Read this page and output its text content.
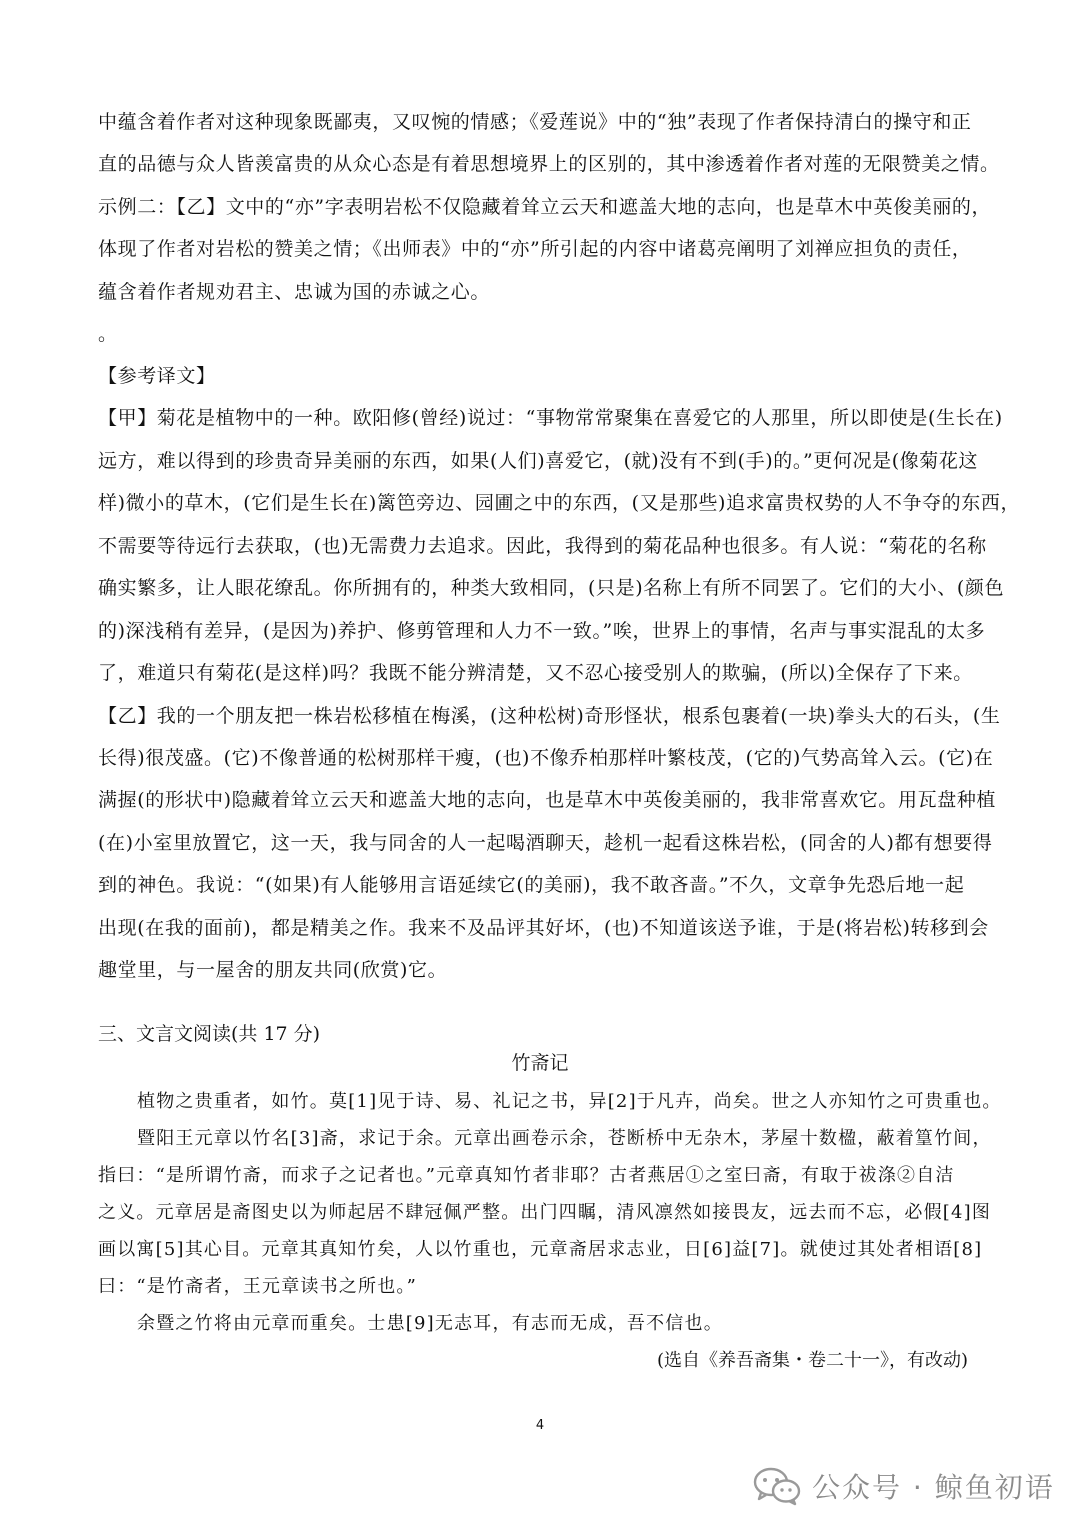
中蕴含着作者对这种现象既鄙夷，又叹惋的情感；《爱莲说》中的“独”表现了作者保持清白的操守和正
直的品德与众人皆羡富贵的从众心态是有着思想境界上的区别的，其中渗透着作者对莲的无限赞美之情。
示例二：【乙】文中的“亦”字表明岩松不仅隐藏着耸立云天和遮盖大地的志向，也是草木中英俊美丽的，
体现了作者对岩松的赞美之情；《出师表》中的“亦”所引起的内容中诸葛亮阐明了刘禅应担负的责任，
蕴含着作者规劝君主、忠诚为国的赤诚之心。
。
【参考译文】
【甲】菊花是植物中的一种。欧阳修(曾经)说过：“事物常常聚集在喜爱它的人那里，所以即使是(生长在)
远方，难以得到的珍贵奇异美丽的东西，如果(人们)喜爱它，(就)没有不到(手)的。”更何况是(像菊花这
样)微小的草木，(它们是生长在)篱笆旁边、园圃之中的东西，(又是那些)追求富贵权势的人不争夺的东西，
不需要等待远行去获取，(也)无需费力去追求。因此，我得到的菊花品种也很多。有人说：“菊花的名称
确实繁多，让人眼花缭乱。你所拥有的，种类大致相同，(只是)名称上有所不同罢了。它们的大小、(颜色
的)深浅稍有差异，(是因为)养护、修剪管理和人力不一致。”唉，世界上的事情，名声与事实混乱的太多
了，难道只有菊花(是这样)吗？我既不能分辨清楚，又不忍心接受别人的欺骗，(所以)全保存了下来。
【乙】我的一个朋友把一株岩松移植在梅溪，(这种松树)奇形怪状，根系包裹着(一块)拳头大的石头，(生
长得)很茂盛。(它)不像普通的松树那样干瘦，(也)不像乔柏那样叶繁枝茂，(它的)气势高耸入云。(它)在
满握(的形状中)隐藏着耸立云天和遮盖大地的志向，也是草木中英俊美丽的，我非常喜欢它。用瓦盘种植
(在)小室里放置它，这一天，我与同舍的人一起喝酒聊天，趁机一起看这株岩松，(同舍的人)都有想要得
到的神色。我说：“(如果)有人能够用言语延续它(的美丽)，我不敢吝啬。”不久，文章争先恐后地一起
出现(在我的面前)，都是精美之作。我来不及品评其好坏，(也)不知道该送予谁，于是(将岩松)转移到会
趣堂里，与一屋舍的朋友共同(欣赏)它。
三、文言文阅读(共 17 分)
竹斋记
植物之贵重者，如竹。莫[1]见于诗、易、礼记之书，异[2]于凡卉，尚矣。世之人亦知竹之可贵重也。
暨阳王元章以竹名[3]斋，求记于余。元章出画卷示余，苍断桥中无杂木，茅屋十数楹，蔽着篁竹间，
指曰：“是所谓竹斋，而求子之记者也。”元章真知竹者非耶？古者燕居①之室曰斋，有取于祓涤②自洁
之义。元章居是斋图史以为师起居不肆冠佩严整。出门四瞩，清风凛然如接畏友，远去而不忘，必假[4]图
画以寓[5]其心目。元章其真知竹矣，人以竹重也，元章斋居求志业，日[6]益[7]。就使过其处者相语[8]
曰：“是竹斋者，王元章读书之所也。”
余暨之竹将由元章而重矣。士患[9]无志耳，有志而无成，吾不信也。
(选自《养吾斋集・卷二十一》，有改动)
4
公众号 · 鲸鱼初语
